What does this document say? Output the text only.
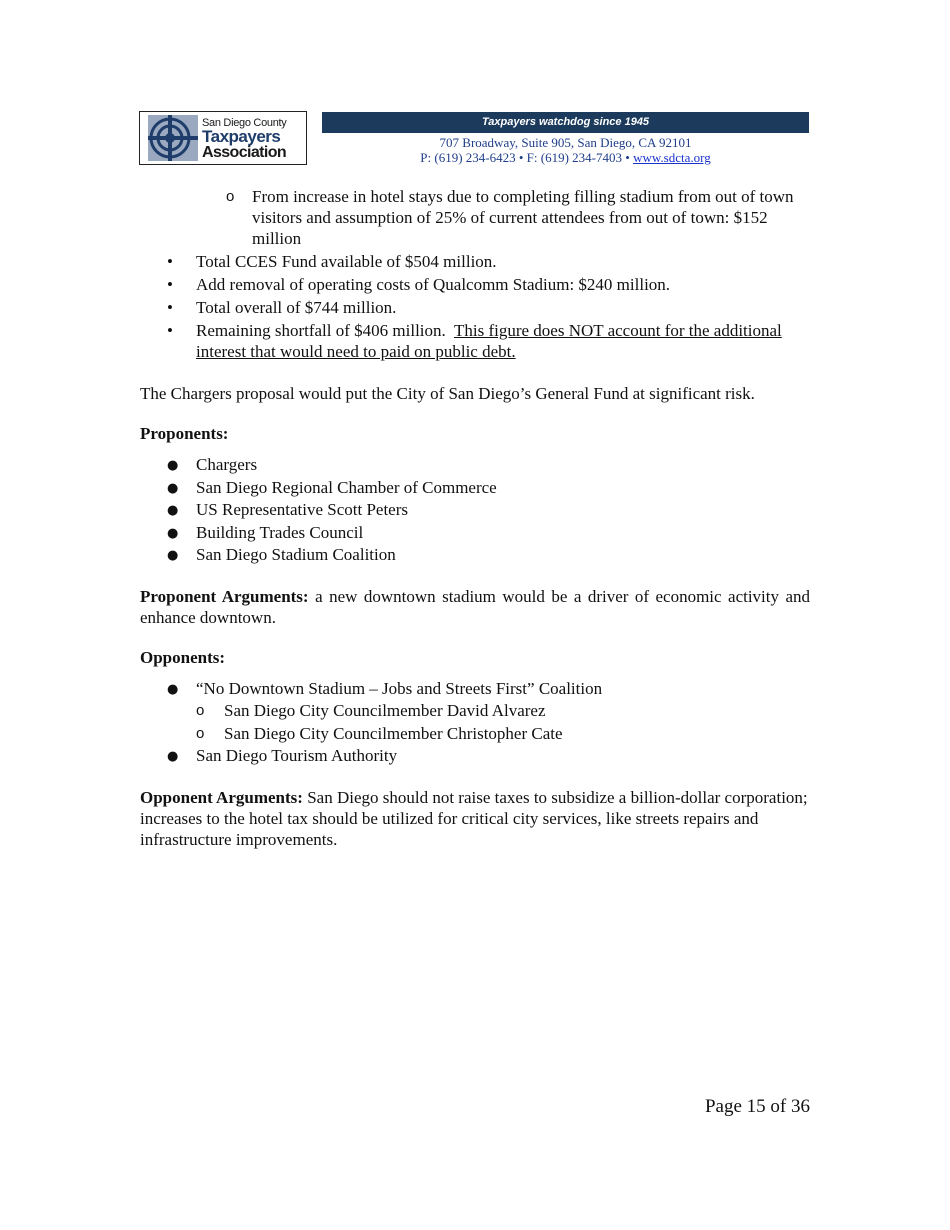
San Diego County
Taxpayers
Association
Taxpayers watchdog since 1945
707 Broadway, Suite 905, San Diego, CA 92101
P: (619) 234-6423 • F: (619) 234-7403 • www.sdcta.org
o From increase in hotel stays due to completing filling stadium from out of town visitors and assumption of 25% of current attendees from out of town: $152 million
• Total CCES Fund available of $504 million.
• Add removal of operating costs of Qualcomm Stadium: $240 million.
• Total overall of $744 million.
• Remaining shortfall of $406 million. This figure does NOT account for the additional interest that would need to paid on public debt.

The Chargers proposal would put the City of San Diego’s General Fund at significant risk.

Proponents:

● Chargers
● San Diego Regional Chamber of Commerce
● US Representative Scott Peters
● Building Trades Council
● San Diego Stadium Coalition

Proponent Arguments: a new downtown stadium would be a driver of economic activity and enhance downtown.

Opponents:

● “No Downtown Stadium – Jobs and Streets First” Coalition
o San Diego City Councilmember David Alvarez
o San Diego City Councilmember Christopher Cate
● San Diego Tourism Authority

Opponent Arguments: San Diego should not raise taxes to subsidize a billion-dollar corporation; increases to the hotel tax should be utilized for critical city services, like streets repairs and infrastructure improvements.

Page 15 of 36
